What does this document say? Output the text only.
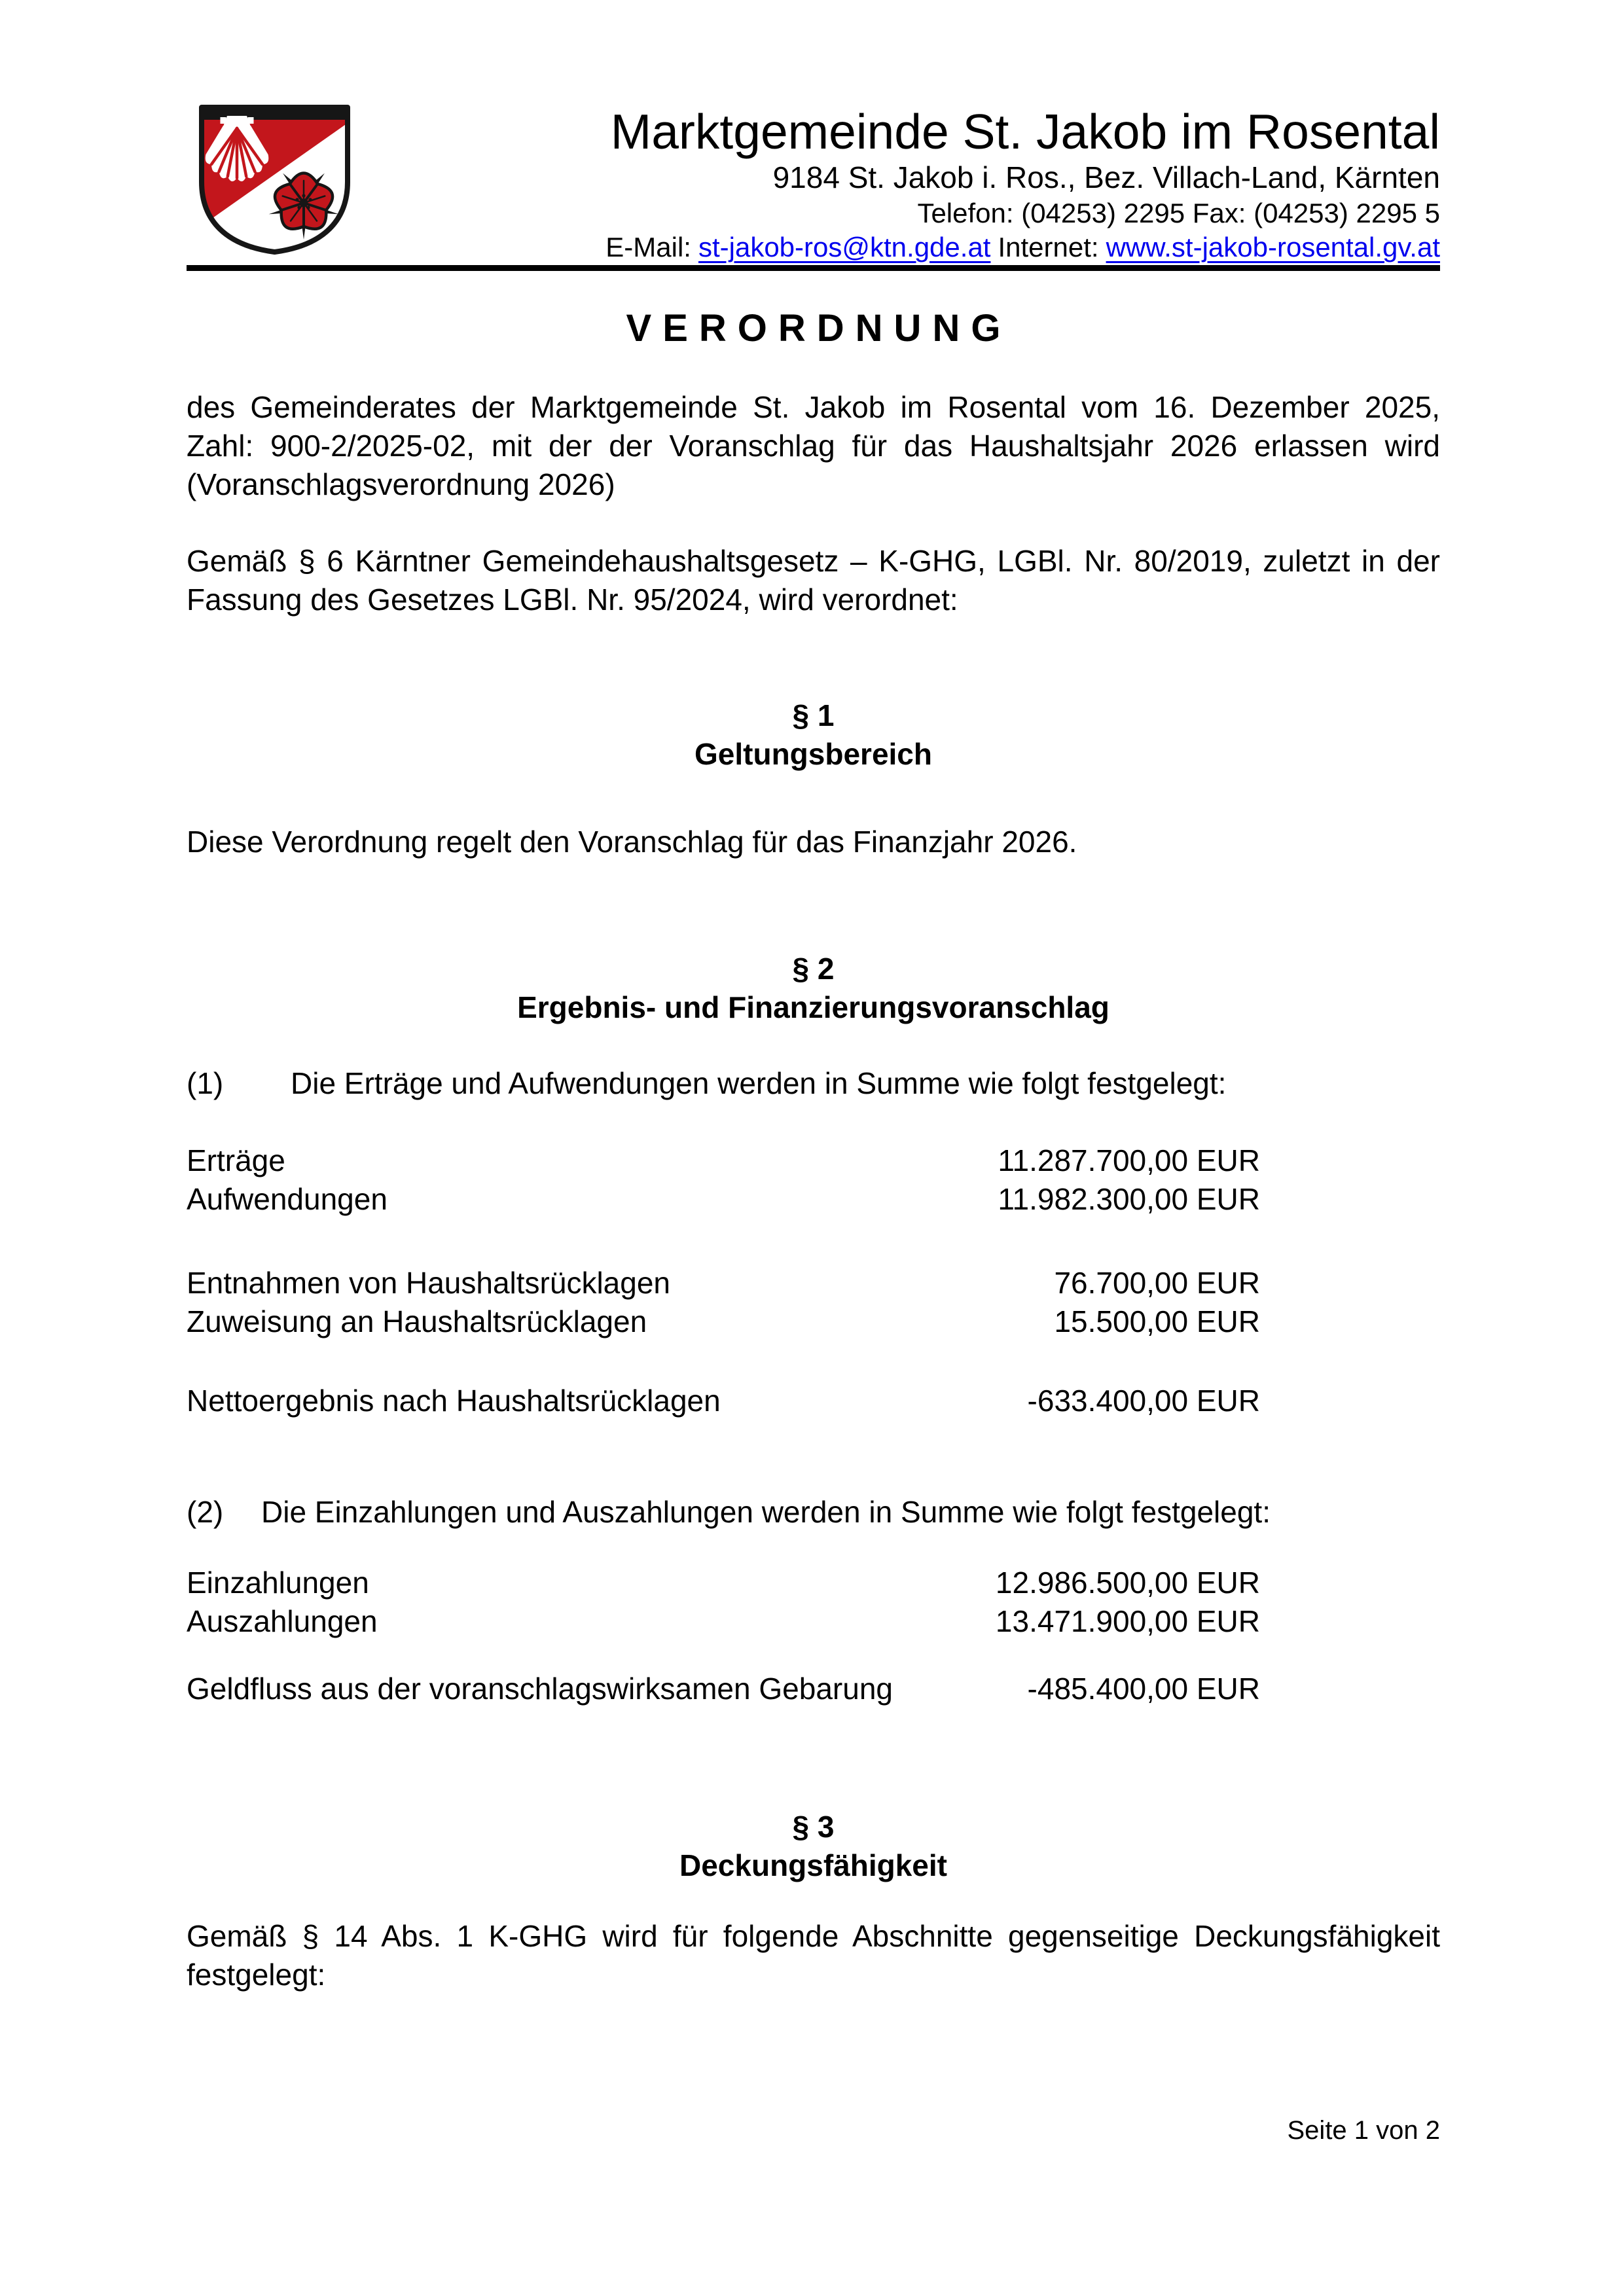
Marktgemeinde St. Jakob im Rosental
9184 St. Jakob i. Ros., Bez. Villach-Land, Kärnten
Telefon: (04253) 2295 Fax: (04253) 2295 5
E-Mail: st-jakob-ros@ktn.gde.at Internet: www.st-jakob-rosental.gv.at
VERORDNUNG

des Gemeinderates der Marktgemeinde St. Jakob im Rosental vom 16. Dezember 2025, Zahl: 900-2/2025-02, mit der der Voranschlag für das Haushaltsjahr 2026 erlassen wird (Voranschlagsverordnung 2026)

Gemäß § 6 Kärntner Gemeindehaushaltsgesetz – K-GHG, LGBl. Nr. 80/2019, zuletzt in der Fassung des Gesetzes LGBl. Nr. 95/2024, wird verordnet:

§ 1
Geltungsbereich

Diese Verordnung regelt den Voranschlag für das Finanzjahr 2026.

§ 2
Ergebnis- und Finanzierungsvoranschlag
(1)	Die Erträge und Aufwendungen werden in Summe wie folgt festgelegt:
Erträge	11.287.700,00 EUR
Aufwendungen	11.982.300,00 EUR
Entnahmen von Haushaltsrücklagen	76.700,00 EUR
Zuweisung an Haushaltsrücklagen	15.500,00 EUR
Nettoergebnis nach Haushaltsrücklagen	-633.400,00 EUR
(2)	Die Einzahlungen und Auszahlungen werden in Summe wie folgt festgelegt:
Einzahlungen	12.986.500,00 EUR
Auszahlungen	13.471.900,00 EUR
Geldfluss aus der voranschlagswirksamen Gebarung	-485.400,00 EUR
§ 3
Deckungsfähigkeit

Gemäß § 14 Abs. 1 K-GHG wird für folgende Abschnitte gegenseitige Deckungsfähigkeit festgelegt:

Seite 1 von 2
